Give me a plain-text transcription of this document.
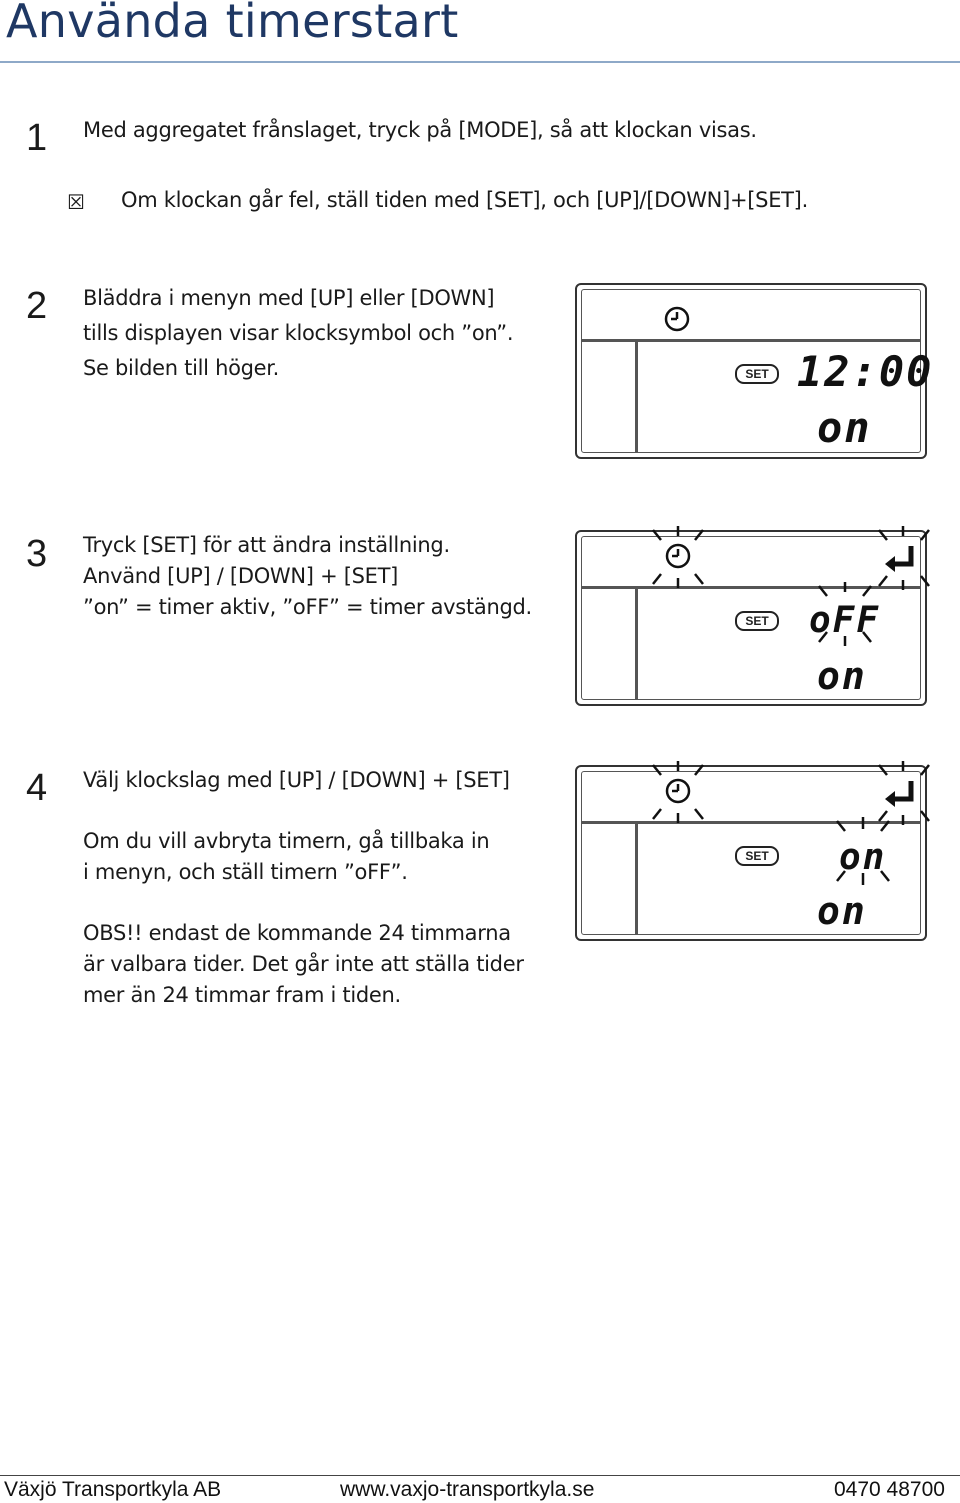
Använda timerstart
1 Med aggregatet frånslaget, tryck på [MODE], så att klockan visas.
☒ Om klockan går fel, ställ tiden med [SET], och [UP]/[DOWN]+[SET].
2 Bläddra i menyn med [UP] eller [DOWN]
tills displayen visar klocksymbol och ”on”.
Se bilden till höger.	SET 12:00
on
3 Tryck [SET] för att ändra inställning.
Använd [UP] / [DOWN] + [SET]
”on” = timer aktiv, ”oFF” = timer avstängd.
SET oFF
on
4 Välj klockslag med [UP] / [DOWN] + [SET]
Om du vill avbryta timern, gå tillbaka in
i menyn, och ställ timern ”oFF”.
OBS!! endast de kommande 24 timmarna
är valbara tider. Det går inte att ställa tider
mer än 24 timmar fram i tiden.
SET on
on
Växjö Transportkyla AB	www.vaxjo-transportkyla.se	0470 48700
